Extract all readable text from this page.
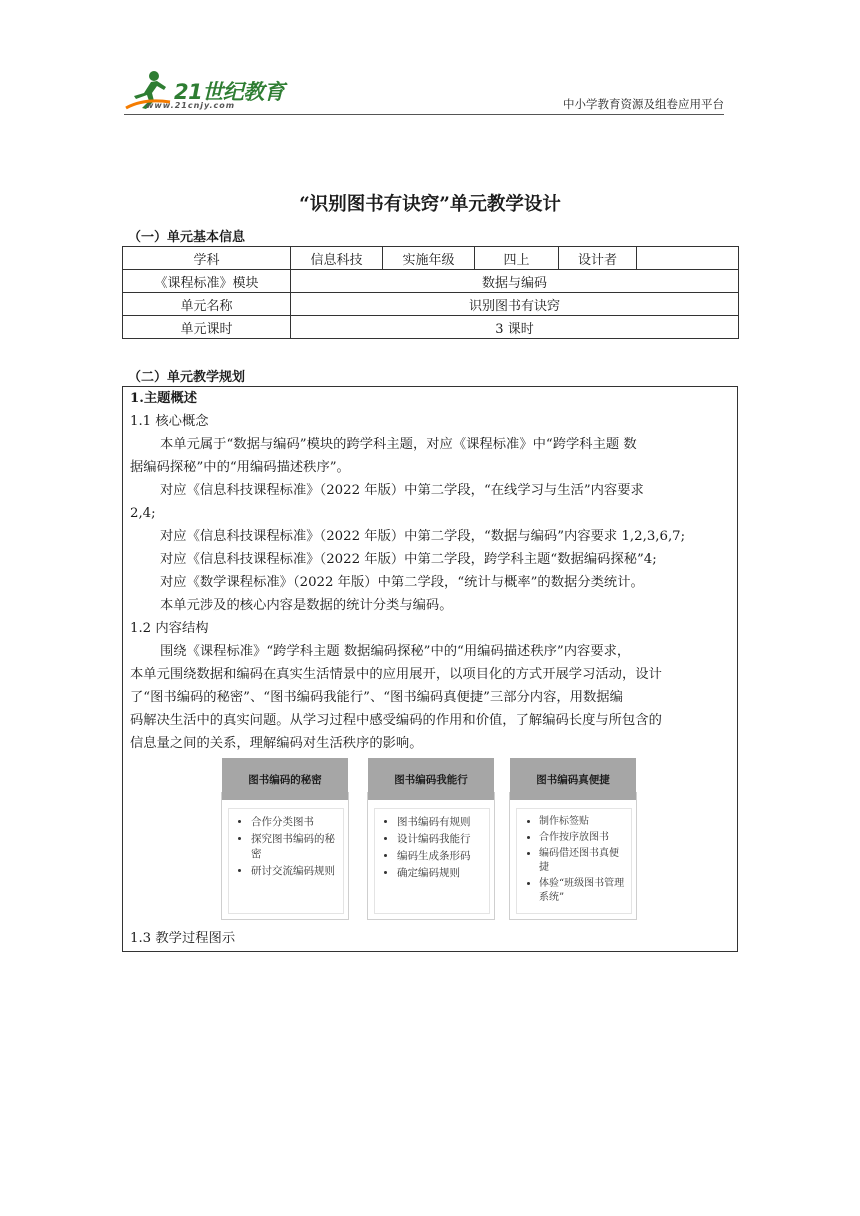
21世纪教育
www.21cnjy.com	中小学教育资源及组卷应用平台
“识别图书有诀窍”单元教学设计
（一）单元基本信息
学科	信息科技	实施年级	四上	设计者	
《课程标准》模块	数据与编码				
单元名称	识别图书有诀窍				
单元课时	3 课时				
（二）单元教学规划
1.主题概述
1.1 核心概念
本单元属于“数据与编码”模块的跨学科主题，对应《课程标准》中“跨学科主题 数
据编码探秘”中的“用编码描述秩序”。
对应《信息科技课程标准》（2022 年版）中第二学段，“在线学习与生活”内容要求
2,4;
对应《信息科技课程标准》（2022 年版）中第二学段，“数据与编码”内容要求 1,2,3,6,7;
对应《信息科技课程标准》（2022 年版）中第二学段，跨学科主题“数据编码探秘”4;
对应《数学课程标准》（2022 年版）中第二学段，“统计与概率”的数据分类统计。
本单元涉及的核心内容是数据的统计分类与编码。
1.2 内容结构
围绕《课程标准》“跨学科主题 数据编码探秘”中的“用编码描述秩序”内容要求，
本单元围绕数据和编码在真实生活情景中的应用展开，以项目化的方式开展学习活动，设计
了“图书编码的秘密”、“图书编码我能行”、“图书编码真便捷”三部分内容，用数据编
码解决生活中的真实问题。从学习过程中感受编码的作用和价值，了解编码长度与所包含的
信息量之间的关系，理解编码对生活秩序的影响。
• 合作分类图书
• 探究图书编码的秘密
• 研讨交流编码规则
图书编码的秘密
• 图书编码有规则
• 设计编码我能行
• 编码生成条形码
• 确定编码规则
图书编码我能行
• 制作标签贴
• 合作按序放图书
• 编码借还图书真便捷
• 体验“班级图书管理系统”
图书编码真便捷
1.3 教学过程图示
